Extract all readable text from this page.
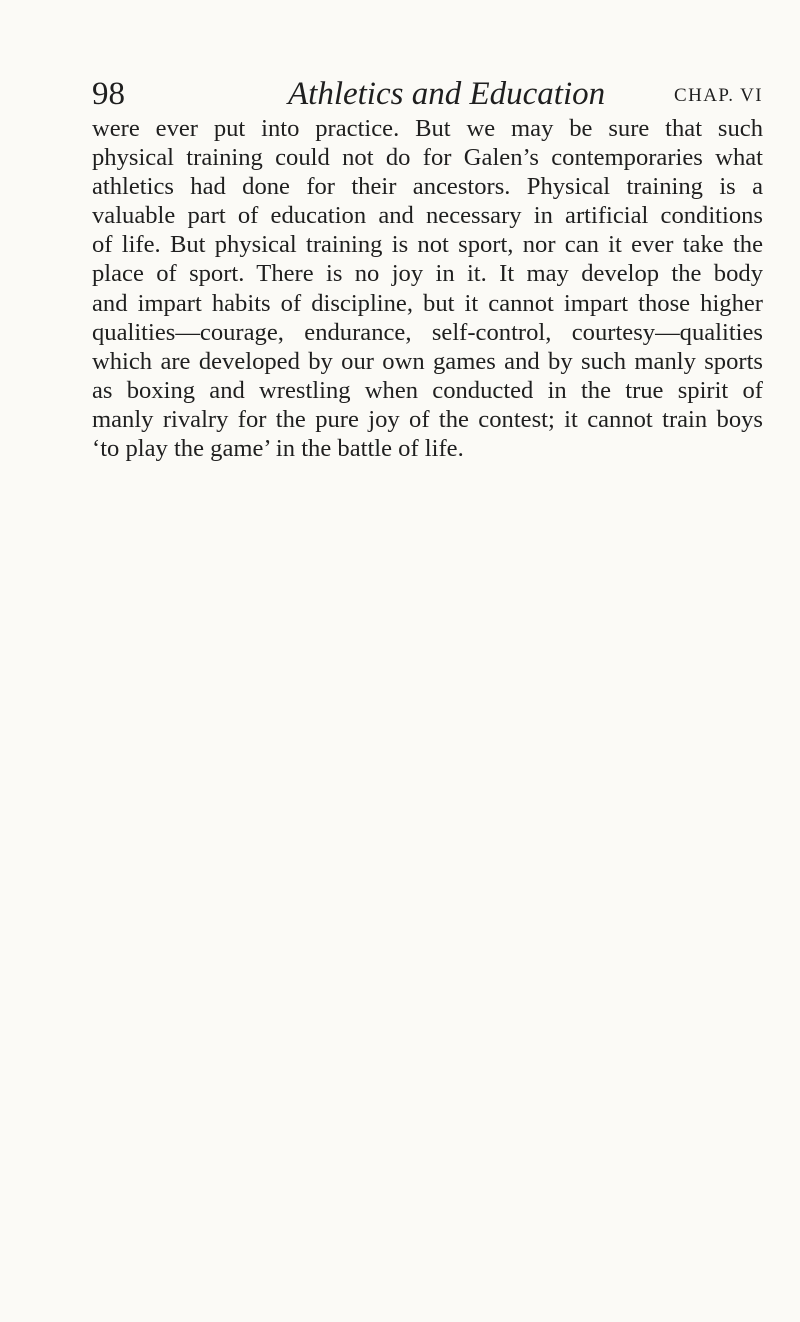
98	Athletics and Education	CHAP. VI
were ever put into practice. But we may be sure that such
physical training could not do for Galen’s contemporaries what
athletics had done for their ancestors. Physical training is a
valuable part of education and necessary in artificial conditions
of life. But physical training is not sport, nor can it ever take the
place of sport. There is no joy in it. It may develop the body
and impart habits of discipline, but it cannot impart those higher
qualities—courage, endurance, self-control, courtesy—qualities
which are developed by our own games and by such manly sports
as boxing and wrestling when conducted in the true spirit of
manly rivalry for the pure joy of the contest; it cannot train boys
‘to play the game’ in the battle of life.
